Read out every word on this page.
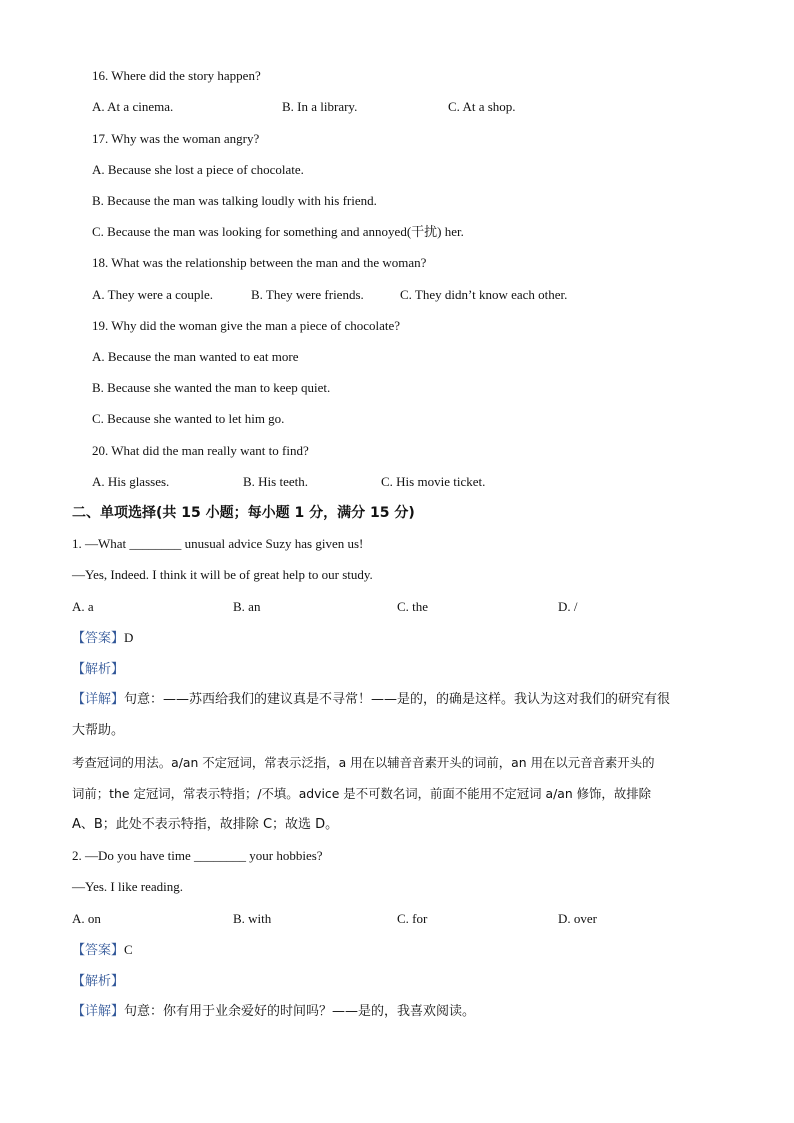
16. Where did the story happen?
A. At a cinema.	B. In a library.	C. At a shop.
17. Why was the woman angry?
A. Because she lost a piece of chocolate.
B. Because the man was talking loudly with his friend.
C. Because the man was looking for something and annoyed(干扰) her.
18. What was the relationship between the man and the woman?
A. They were a couple.	B. They were friends.	C. They didn’t know each other.
19. Why did the woman give the man a piece of chocolate?
A. Because the man wanted to eat more
B. Because she wanted the man to keep quiet.
C. Because she wanted to let him go.
20. What did the man really want to find?
A. His glasses.	B. His teeth.	C. His movie ticket.
二、单项选择(共 15 小题；每小题 1 分，满分 15 分)
1. —What ________ unusual advice Suzy has given us!
—Yes, Indeed. I think it will be of great help to our study.
A. a	B. an	C. the	D. /
【答案】D
【解析】
【详解】句意：——苏西给我们的建议真是不寻常！——是的，的确是这样。我认为这对我们的研究有很
大帮助。
考查冠词的用法。a/an 不定冠词，常表示泛指，a 用在以辅音音素开头的词前，an 用在以元音音素开头的
词前；the 定冠词，常表示特指；/不填。advice 是不可数名词，前面不能用不定冠词 a/an 修饰，故排除
A、B；此处不表示特指，故排除 C；故选 D。
2. —Do you have time ________ your hobbies?
—Yes. I like reading.
A. on	B. with	C. for	D. over
【答案】C
【解析】
【详解】句意：你有用于业余爱好的时间吗？——是的，我喜欢阅读。
